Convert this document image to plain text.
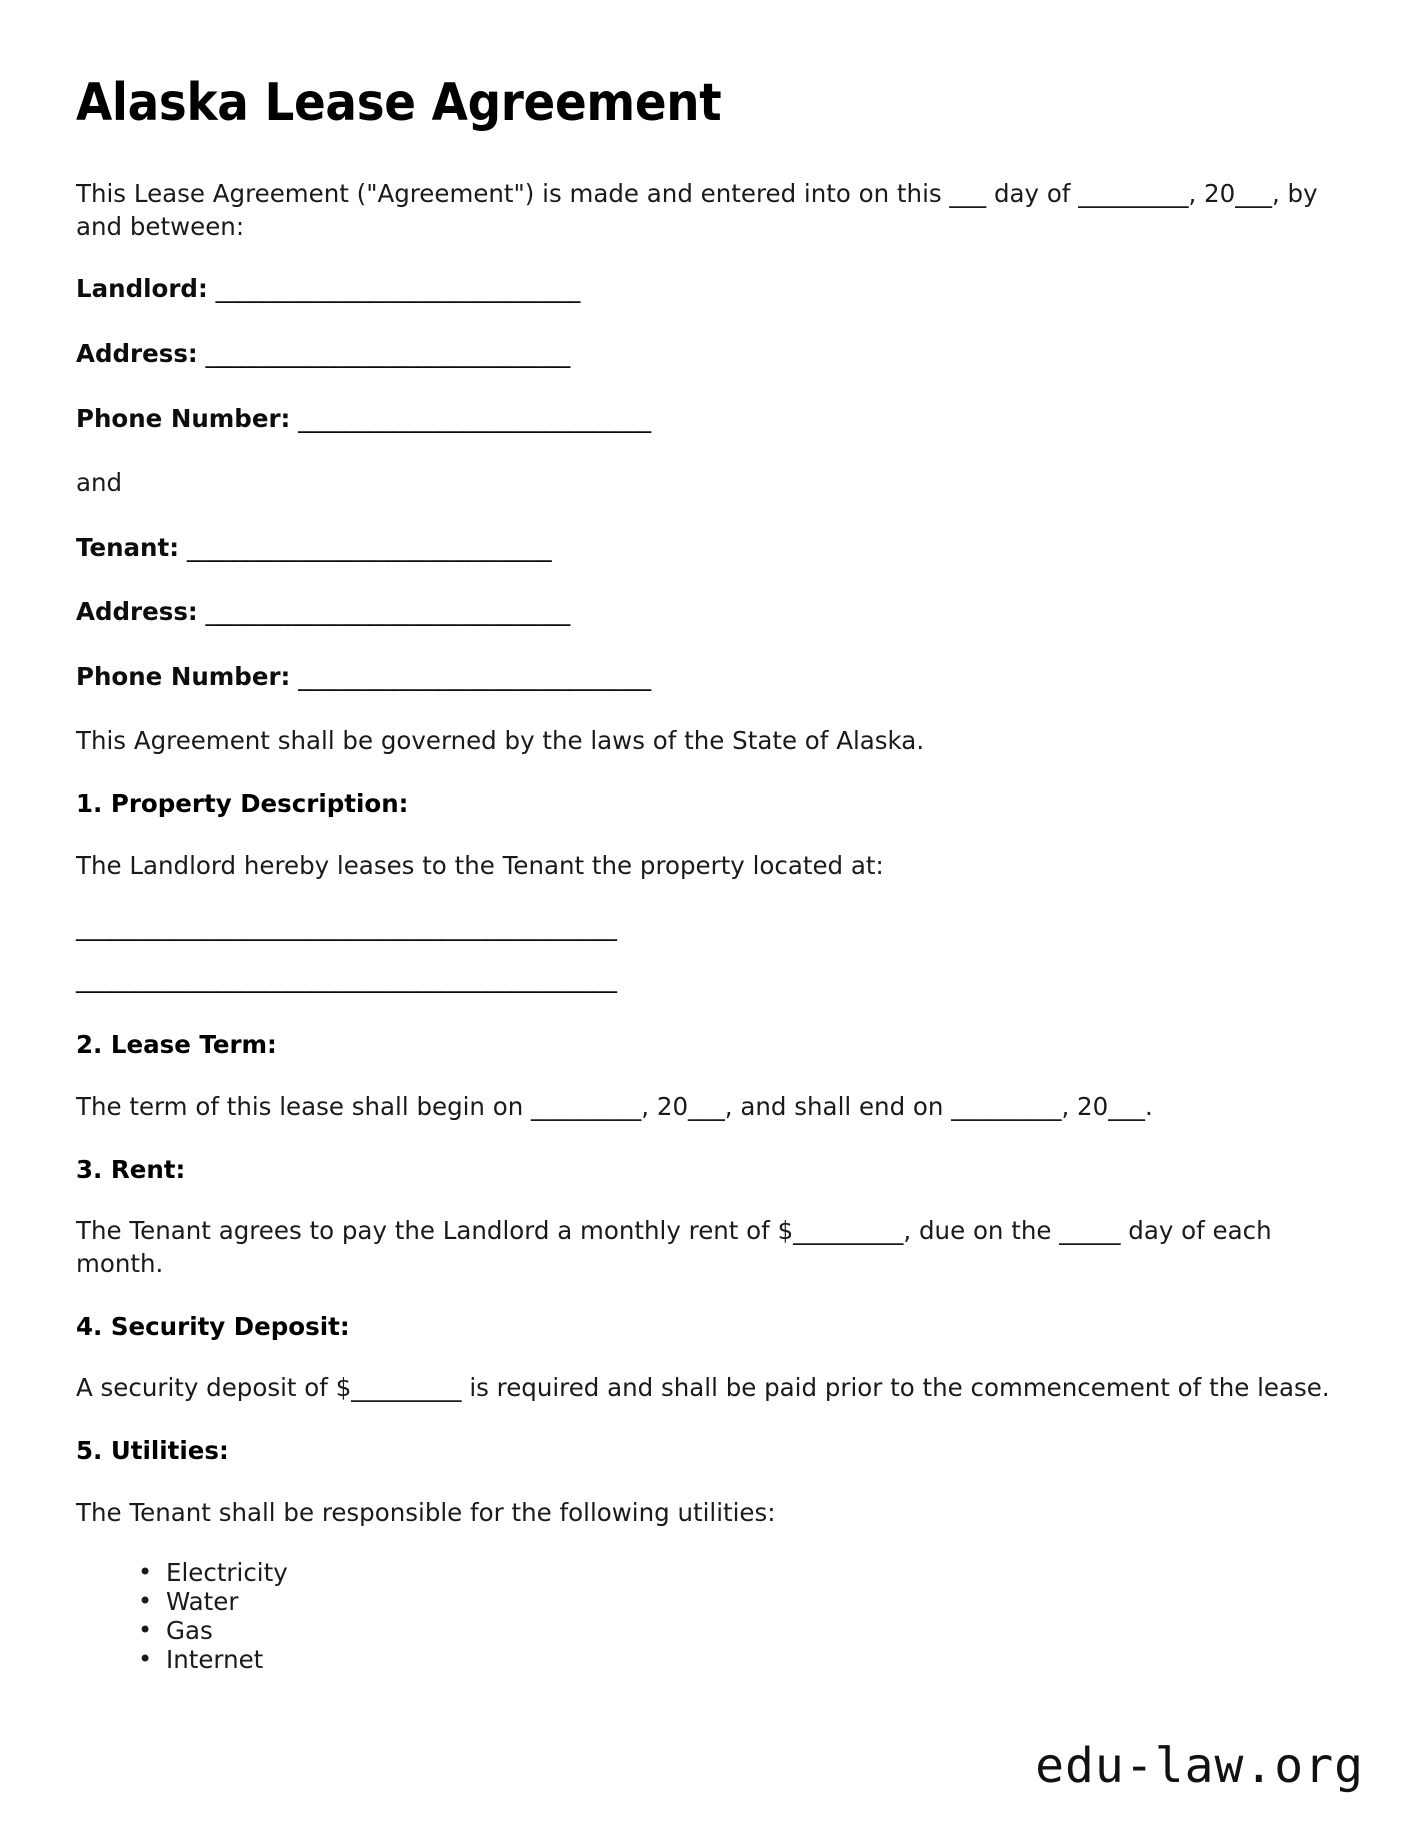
Alaska Lease Agreement

This Lease Agreement ("Agreement") is made and entered into on this ___ day of _________, 20___, by and between:

Landlord: _______________________________
Address: _______________________________
Phone Number: ______________________________
and
Tenant: _______________________________
Address: _______________________________
Phone Number: ______________________________

This Agreement shall be governed by the laws of the State of Alaska.

1. Property Description:

The Landlord hereby leases to the Tenant the property located at:

______________________________________________
______________________________________________
2. Lease Term:

The term of this lease shall begin on _________, 20___, and shall end on _________, 20___.

3. Rent:

The Tenant agrees to pay the Landlord a monthly rent of $_________, due on the _____ day of each month.

4. Security Deposit:

A security deposit of $_________ is required and shall be paid prior to the commencement of the lease.

5. Utilities:

The Tenant shall be responsible for the following utilities:

• Electricity
• Water
• Gas
• Internet
edu-law.org
